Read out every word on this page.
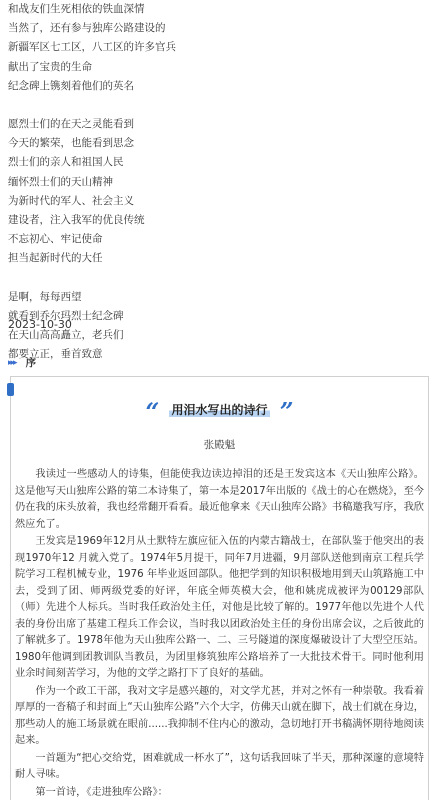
和战友们生死相依的铁血深情
当然了，还有参与独库公路建设的
新疆军区七工区，八工区的许多官兵
献出了宝贵的生命
纪念碑上镌刻着他们的英名
愿烈士们的在天之灵能看到
今天的繁荣，也能看到思念
烈士们的亲人和祖国人民
缅怀烈士们的天山精神
为新时代的军人、社会主义
建设者，注入我军的优良传统
不忘初心、牢记使命
担当起新时代的大任
是啊，每每西望
就看到乔尔玛烈士纪念碑
在天山高高矗立，老兵们
都要立正，垂首致意
2023-10-30
▸▸▸ 序
“ 用泪水写出的诗行 ”
张殿魁

我读过一些感动人的诗集，但能使我边读边掉泪的还是王发宾这本《天山独库公路》。这是他写天山独库公路的第二本诗集了，第一本是2017年出版的《战士的心在燃烧》，至今仍在我的床头放着，我也经常翻开看看。最近他拿来《天山独库公路》书稿邀我写序，我欣然应允了。

王发宾是1969年12月从土默特左旗应征入伍的内蒙古籍战士，在部队鉴于他突出的表现1970年12 月就入党了。1974年5月提干，同年7月进疆，9月部队送他到南京工程兵学院学习工程机械专业，1976 年毕业返回部队。他把学到的知识积极地用到天山筑路施工中去，受到了团、师两级党委的好评，年底全师英模大会，他和姚虎成被评为00129部队（师）先进个人标兵。当时我任政治处主任，对他是比较了解的。1977年他以先进个人代表的身份出席了基建工程兵工作会议，当时我以团政治处主任的身份出席会议，之后彼此的了解就多了。1978年他为天山独库公路一、二、三号隧道的深度爆破设计了大型空压站。1980年他调到团教训队当教员，为团里修筑独库公路培养了一大批技术骨干。同时他利用业余时间刻苦学习，为他的文学之路打下了良好的基础。

作为一个政工干部，我对文字是感兴趣的，对文学尤甚，并对之怀有一种崇敬。我看着厚厚的一沓稿子和封面上“天山独库公路”六个大字，仿佛天山就在脚下，战士们就在身边，那些动人的施工场景就在眼前......我抑制不住内心的激动，急切地打开书稿满怀期待地阅读起来。

一首题为“把心交给党，困难就成一杯水了”，这句话我回味了半天，那种深邃的意境特耐人寻味。

第一首诗，《走进独库公路》：
